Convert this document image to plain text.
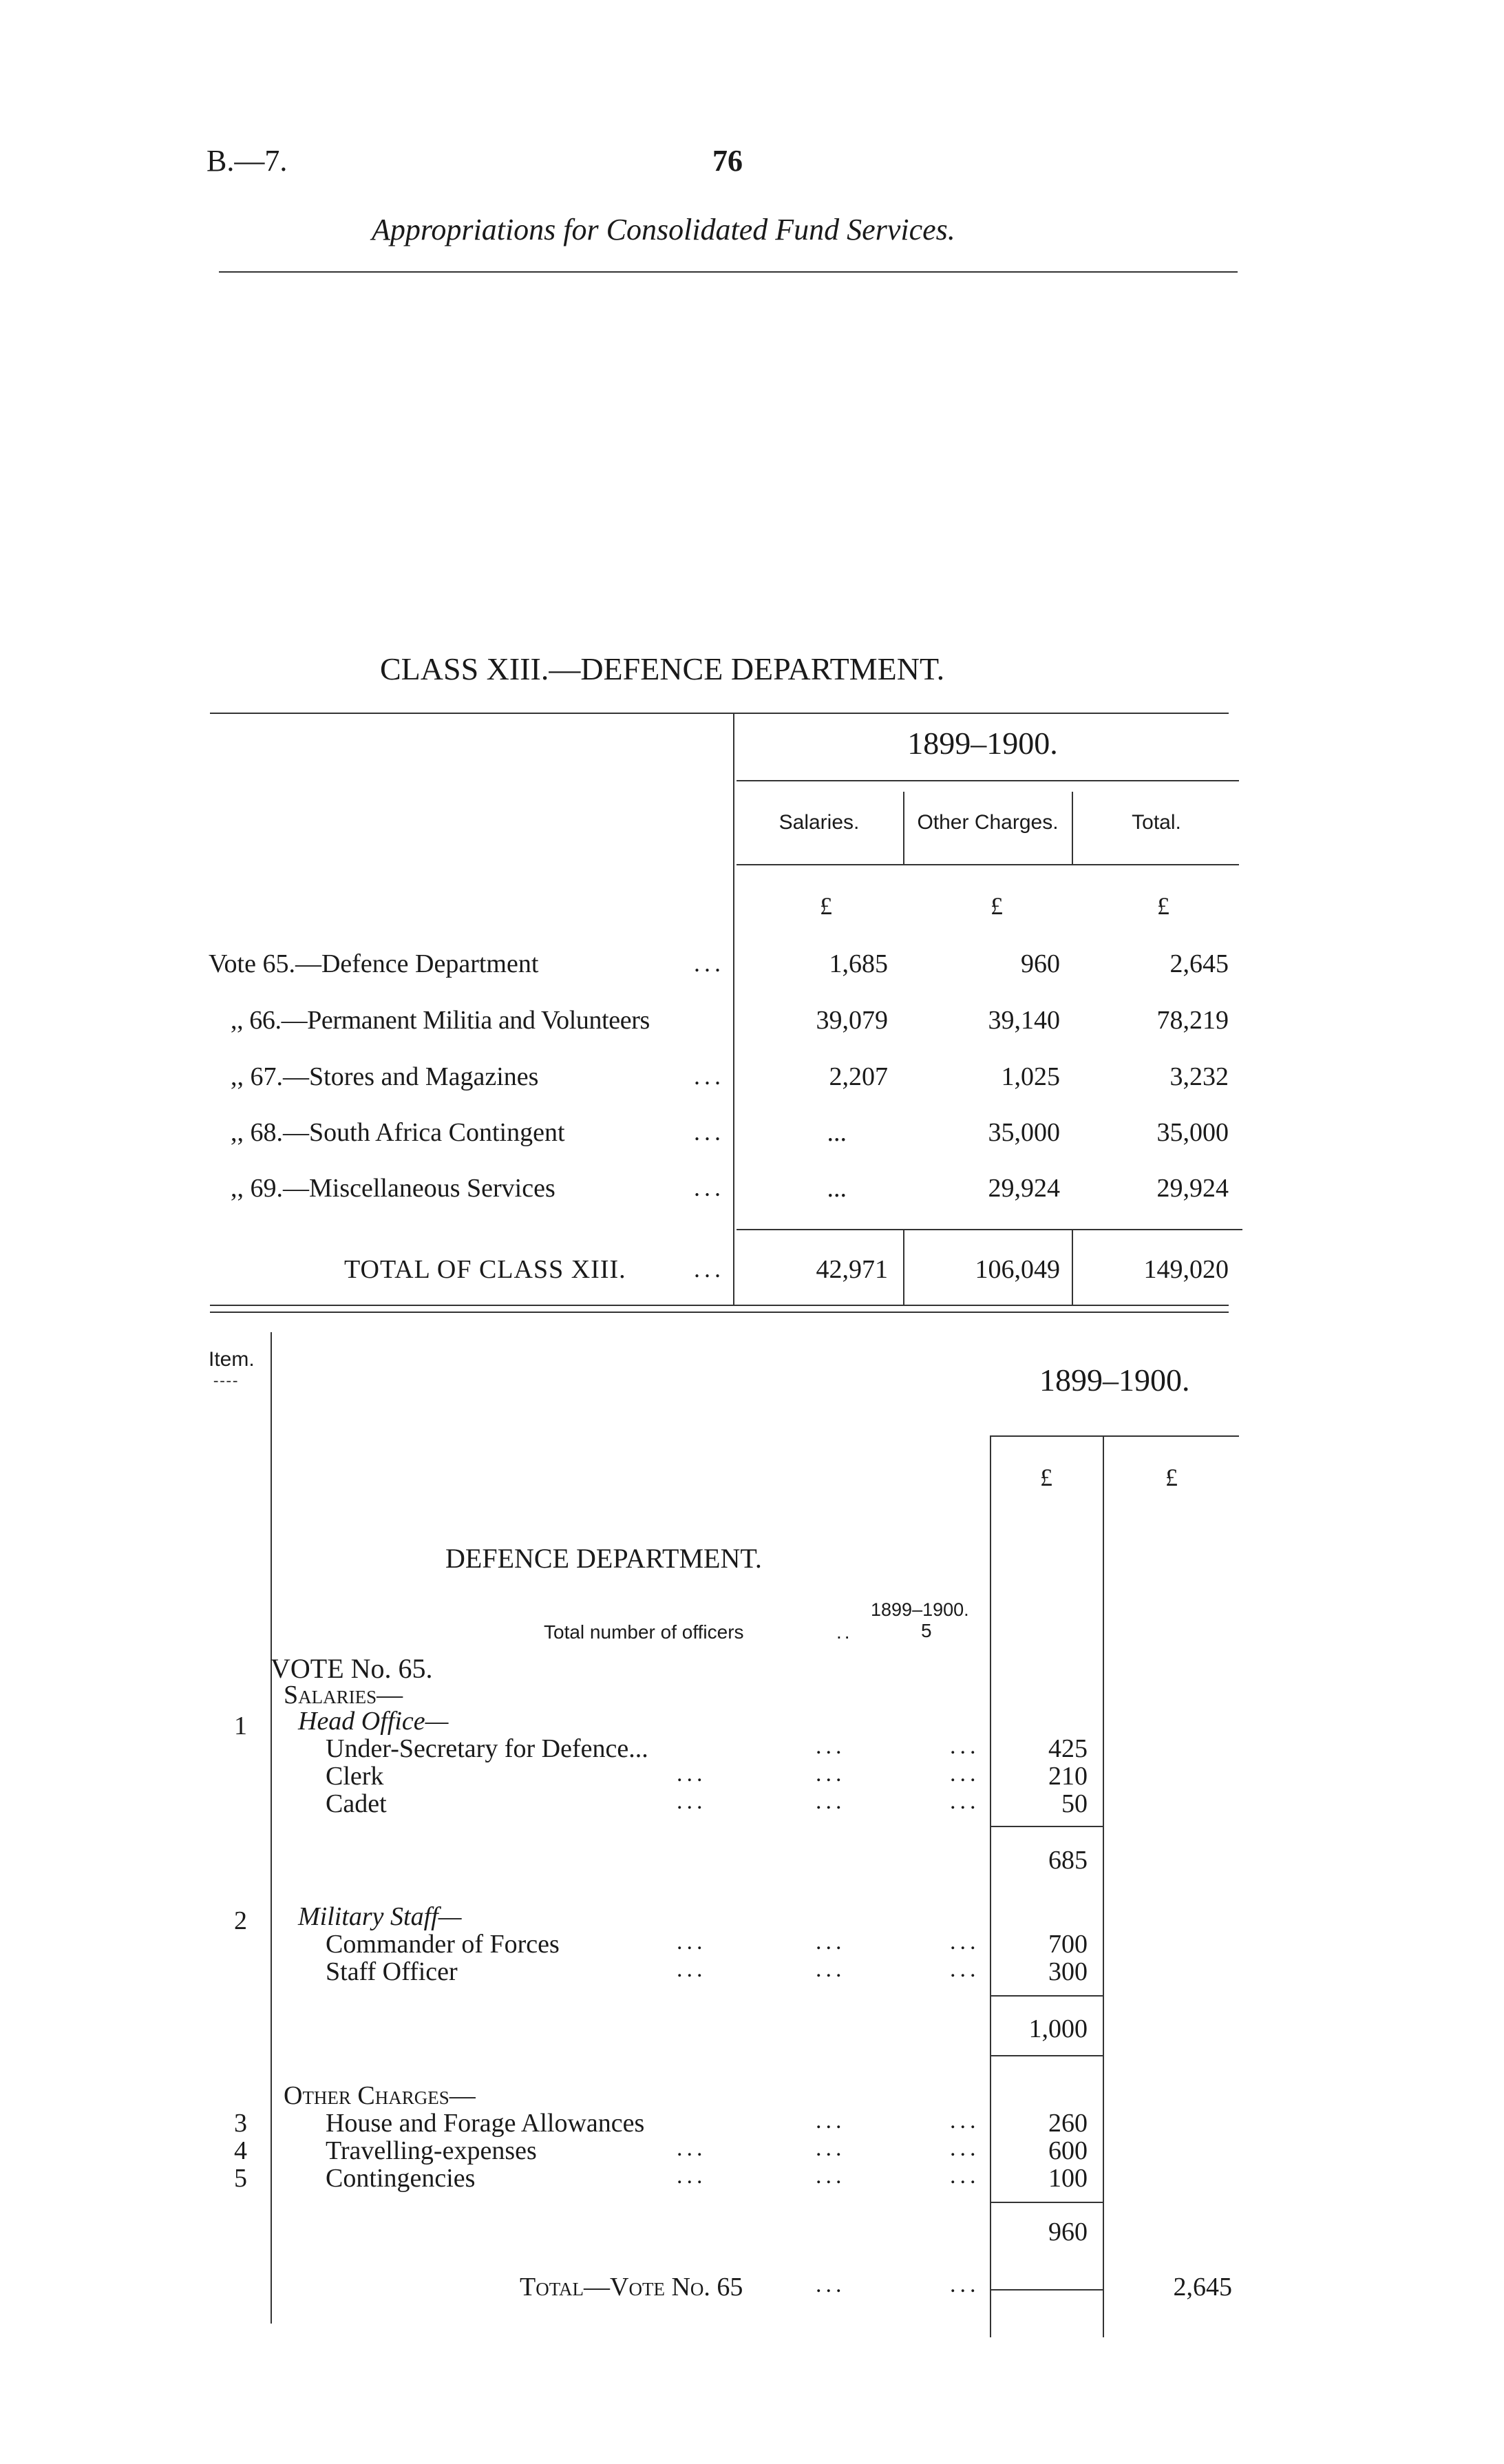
B.—7.	76
Appropriations for Consolidated Fund Services.
CLASS XIII.—DEFENCE DEPARTMENT.
1899–1900.
Salaries.	Other Charges.	Total.
£	£	£
Vote 65.—Defence Department	...	1,685	960	2,645
,, 66.—Permanent Militia and Volunteers	39,079	39,140	78,219
,, 67.—Stores and Magazines	...	2,207	1,025	3,232
,, 68.—South Africa Contingent	...	...	35,000	35,000
,, 69.—Miscellaneous Services	...	...	29,924	29,924
TOTAL OF CLASS XIII.	...	42,971	106,049	149,020
Item.
----	1899–1900.
£	£
DEFENCE DEPARTMENT.
1899–1900.
Total number of officers	..	5
VOTE No. 65.
Salaries—
1 Head Office—
Under-Secretary for Defence...	...	...	425
Clerk	...	...	...	210
Cadet	...	...	...	50
685
2 Military Staff—
Commander of Forces	...	...	...	700
Staff Officer	...	...	...	300
1,000
Other Charges—
3	House and Forage Allowances	...	...	260
4	Travelling-expenses	...	...	...	600
5	Contingencies	...	...	...	100
960
Total—Vote No. 65	...	...	2,645
